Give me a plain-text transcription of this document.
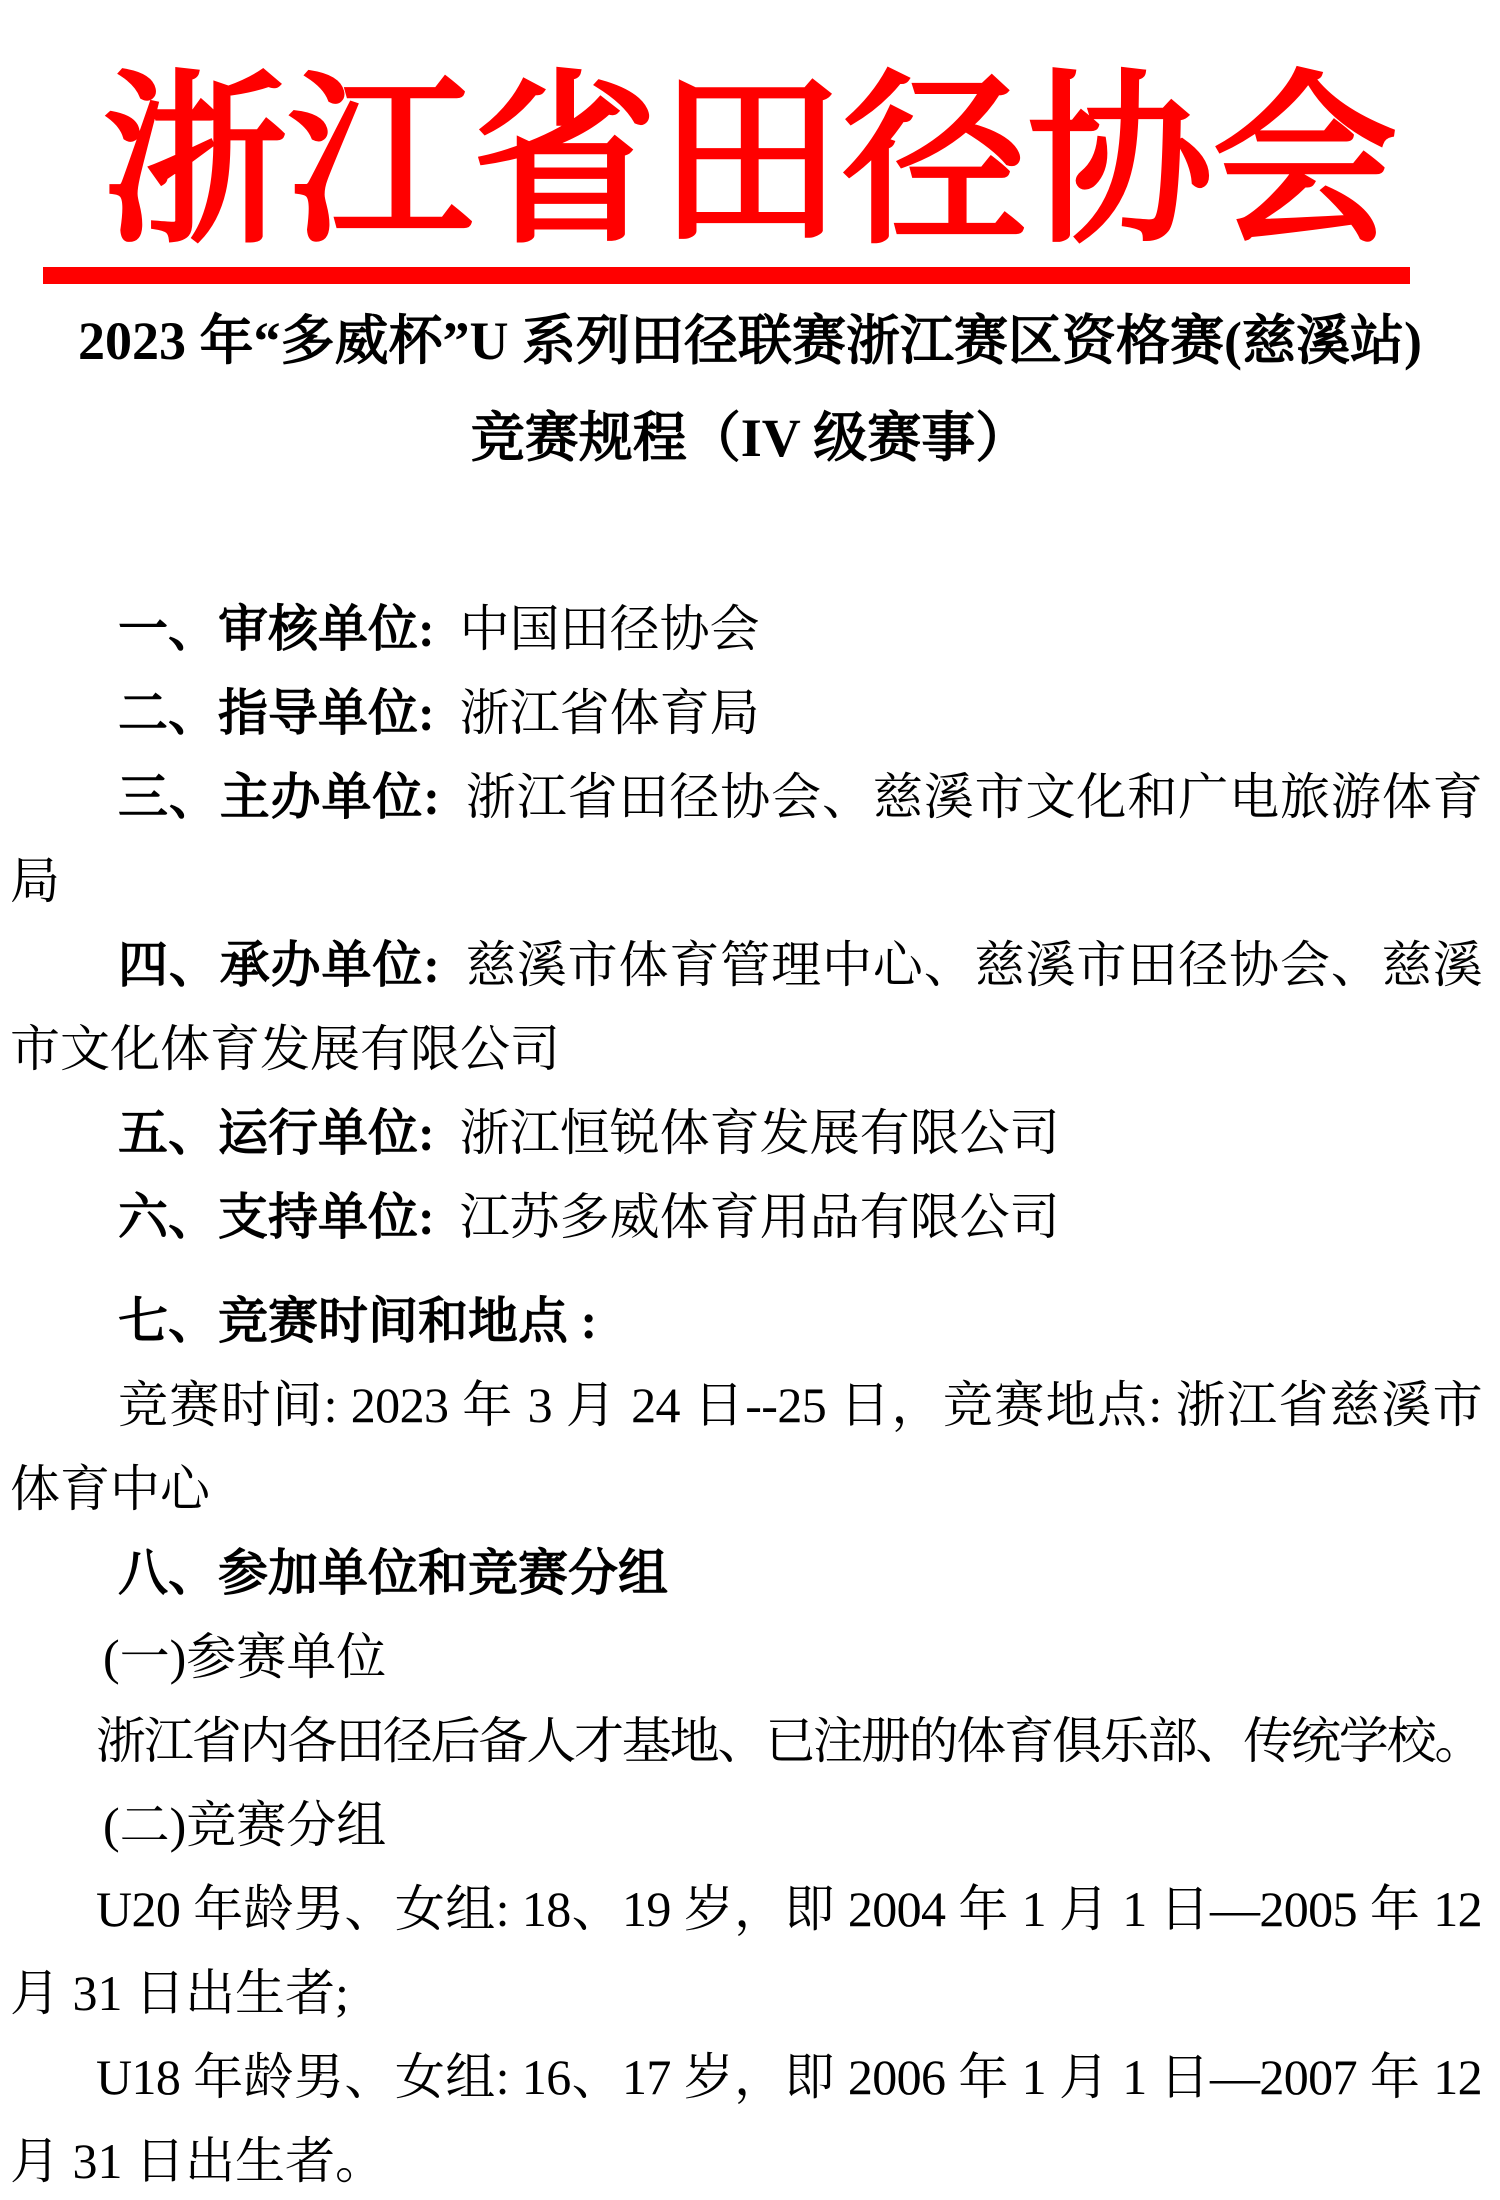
浙江省田径协会
2023 年“多威杯”U 系列田径联赛浙江赛区资格赛(慈溪站)
竞赛规程（IV 级赛事）
一、审核单位: 中国田径协会
二、指导单位: 浙江省体育局
三、主办单位: 浙江省田径协会、慈溪市文化和广电旅游体育
局
四、承办单位: 慈溪市体育管理中心、慈溪市田径协会、慈溪
市文化体育发展有限公司
五、运行单位: 浙江恒锐体育发展有限公司
六、支持单位: 江苏多威体育用品有限公司
七、竞赛时间和地点 :
竞赛时间: 2023 年 3 月 24 日--25 日，竞赛地点: 浙江省慈溪市
体育中心
八、参加单位和竞赛分组
(一)参赛单位
浙江省内各田径后备人才基地、已注册的体育俱乐部、传统学校。
(二)竞赛分组
U20 年龄男、女组: 18、19 岁，即 2004 年 1 月 1 日—2005 年 12
月 31 日出生者;
U18 年龄男、女组: 16、17 岁，即 2006 年 1 月 1 日—2007 年 12
月 31 日出生者。
